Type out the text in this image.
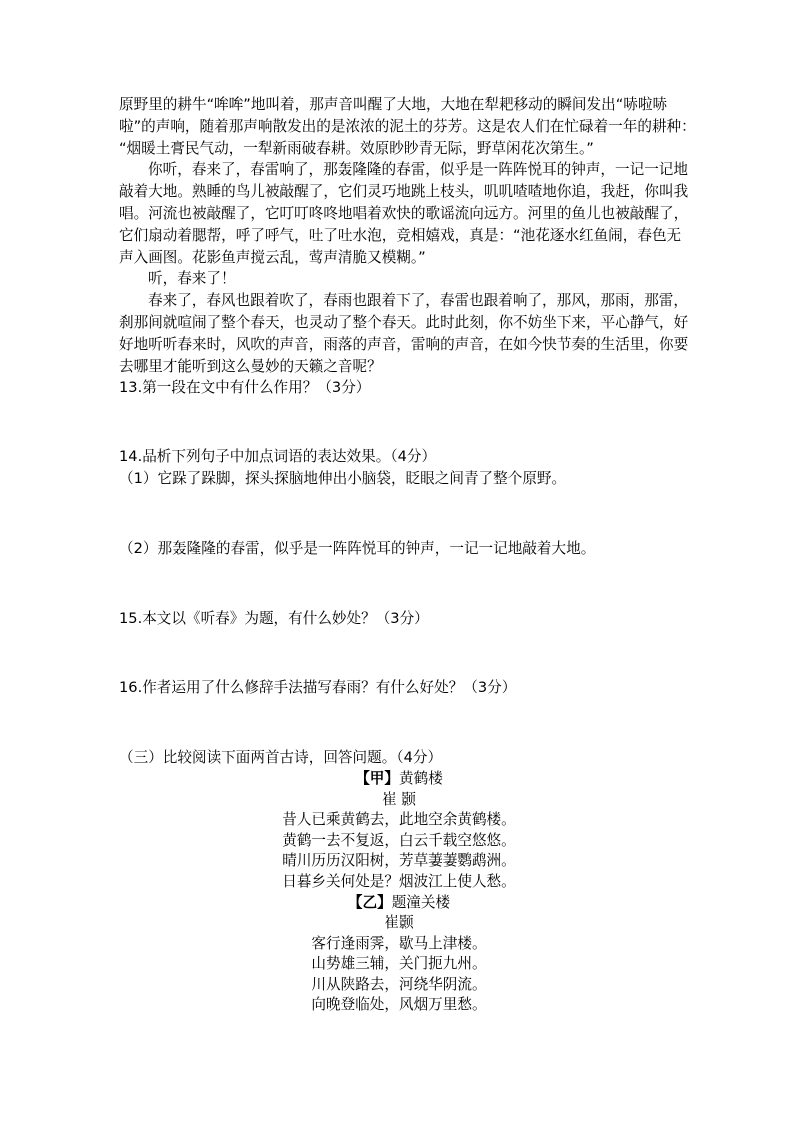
原野里的耕牛“哞哞”地叫着，那声音叫醒了大地，大地在犁耙移动的瞬间发出“哧啦哧
啦”的声响，随着那声响散发出的是浓浓的泥土的芬芳。这是农人们在忙碌着一年的耕种：
“烟暖土膏民气动，一犁新雨破春耕。效原眇眇青无际，野草闲花次第生。”
你听，春来了，春雷响了，那轰隆隆的春雷，似乎是一阵阵悦耳的钟声，一记一记地
敲着大地。熟睡的鸟儿被敲醒了，它们灵巧地跳上枝头，叽叽喳喳地你追，我赶，你叫我
唱。河流也被敲醒了，它叮叮咚咚地唱着欢快的歌谣流向远方。河里的鱼儿也被敲醒了，
它们扇动着腮帮，呼了呼气，吐了吐水泡，竞相嬉戏，真是：“池花逐水红鱼闹，春色无
声入画图。花影鱼声搅云乱，莺声清脆又模糊。”
听，春来了！
春来了，春风也跟着吹了，春雨也跟着下了，春雷也跟着响了，那风，那雨，那雷，
刹那间就喧闹了整个春天，也灵动了整个春天。此时此刻，你不妨坐下来，平心静气，好
好地听听春来时，风吹的声音，雨落的声音，雷响的声音，在如今快节奏的生活里，你要
去哪里才能听到这么曼妙的天籁之音呢？
13.第一段在文中有什么作用？（3分）
14.品析下列句子中加点词语的表达效果。（4分）
（1）它跺了跺脚，探头探脑地伸出小脑袋，眨眼之间青了整个原野。
（2）那轰隆隆的春雷，似乎是一阵阵悦耳的钟声，一记一记地敲着大地。
15.本文以《听春》为题，有什么妙处？（3分）
16.作者运用了什么修辞手法描写春雨？有什么好处？（3分）
（三）比较阅读下面两首古诗，回答问题。（4分）
【甲】黄鹤楼
崔 颢
昔人已乘黄鹤去，此地空余黄鹤楼。
黄鹤一去不复返，白云千载空悠悠。
晴川历历汉阳树，芳草萋萋鹦鹉洲。
日暮乡关何处是？烟波江上使人愁。
【乙】题潼关楼
崔颢
客行逢雨霁，歇马上津楼。
山势雄三辅，关门扼九州。
川从陕路去，河绕华阴流。
向晚登临处，风烟万里愁。
